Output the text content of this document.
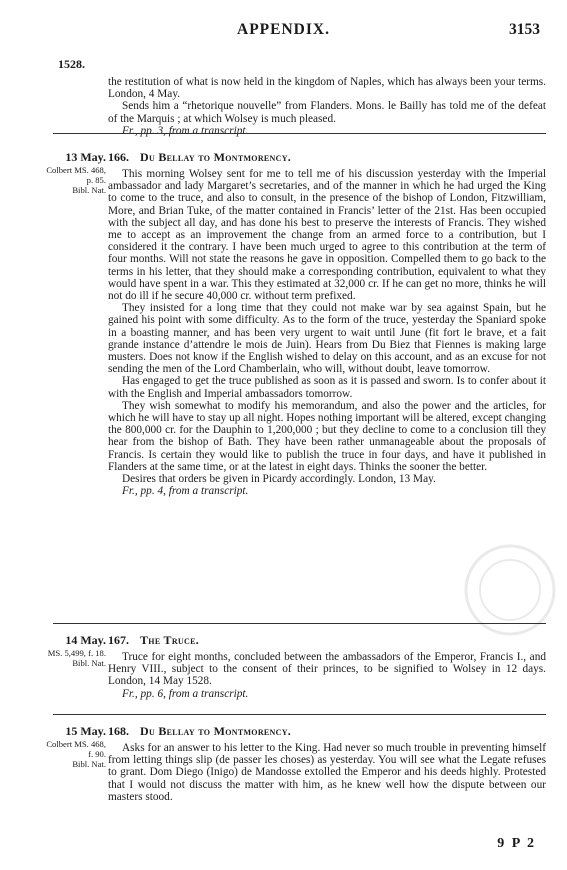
APPENDIX.	3153
1528.

the restitution of what is now held in the kingdom of Naples, which has always been your terms. London, 4 May.

Sends him a “rhetorique nouvelle” from Flanders. Mons. le Bailly has told me of the defeat of the Marquis ; at which Wolsey is much pleased.

Fr., pp. 3, from a transcript.

13 May.
Colbert MS. 468, p. 85.
Bibl. Nat.
166. Du Bellay to Montmorency.

This morning Wolsey sent for me to tell me of his discussion yesterday with the Imperial ambassador and lady Margaret’s secretaries, and of the manner in which he had urged the King to come to the truce, and also to consult, in the presence of the bishop of London, Fitzwilliam, More, and Brian Tuke, of the matter contained in Francis’ letter of the 21st. Has been occupied with the subject all day, and has done his best to preserve the interests of Francis. They wished me to accept as an improvement the change from an armed force to a contribution, but I considered it the contrary. I have been much urged to agree to this contribution at the term of four months. Will not state the reasons he gave in opposition. Compelled them to go back to the terms in his letter, that they should make a corresponding contribution, equivalent to what they would have spent in a war. This they estimated at 32,000 cr. If he can get no more, thinks he will not do ill if he secure 40,000 cr. without term prefixed.

They insisted for a long time that they could not make war by sea against Spain, but he gained his point with some difficulty. As to the form of the truce, yesterday the Spaniard spoke in a boasting manner, and has been very urgent to wait until June (fit fort le brave, et a fait grande instance d’attendre le mois de Juin). Hears from Du Biez that Fiennes is making large musters. Does not know if the English wished to delay on this account, and as an excuse for not sending the men of the Lord Chamberlain, who will, without doubt, leave tomorrow.

Has engaged to get the truce published as soon as it is passed and sworn. Is to confer about it with the English and Imperial ambassadors tomorrow.

They wish somewhat to modify his memorandum, and also the power and the articles, for which he will have to stay up all night. Hopes nothing important will be altered, except changing the 800,000 cr. for the Dauphin to 1,200,000 ; but they decline to come to a conclusion till they hear from the bishop of Bath. They have been rather unmanageable about the proposals of Francis. Is certain they would like to publish the truce in four days, and have it published in Flanders at the same time, or at the latest in eight days. Thinks the sooner the better.

Desires that orders be given in Picardy accordingly. London, 13 May.

Fr., pp. 4, from a transcript.

14 May.
MS. 5,499, f. 18.
Bibl. Nat.
167. The Truce.

Truce for eight months, concluded between the ambassadors of the Emperor, Francis I., and Henry VIII., subject to the consent of their princes, to be signified to Wolsey in 12 days. London, 14 May 1528.

Fr., pp. 6, from a transcript.

15 May.
Colbert MS. 468, f. 90.
Bibl. Nat.
168. Du Bellay to Montmorency.

Asks for an answer to his letter to the King. Had never so much trouble in preventing himself from letting things slip (de passer les choses) as yesterday. You will see what the Legate refuses to grant. Dom Diego (Inigo) de Mandosse extolled the Emperor and his deeds highly. Protested that I would not discuss the matter with him, as he knew well how the dispute between our masters stood.

9 P 2
